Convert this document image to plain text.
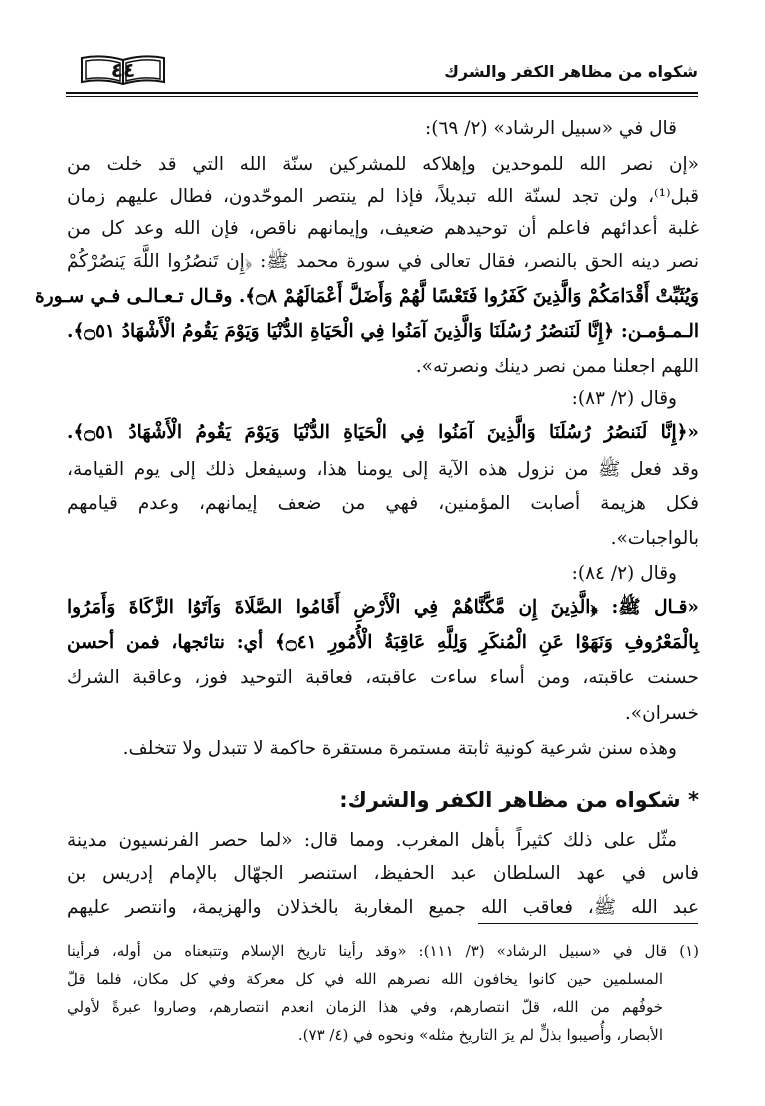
شكواه من مظاهر الكفر والشرك
٤٤
قال في «سبيل الرشاد» (٢/ ٦٩):
«إن نصر الله للموحدين وإهلاكه للمشركين سنّة الله التي قد خلت من
قبل⁽¹⁾، ولن تجد لسنّة الله تبديلاً، فإذا لم ينتصر الموحّدون، فطال عليهم زمان
غلبة أعدائهم فاعلم أن توحيدهم ضعيف، وإيمانهم ناقص، فإن الله وعد كل من
نصر دينه الحق بالنصر، فقال تعالى في سورة محمد ﷺ: ﴿إِن تَنصُرُوا اللَّهَ يَنصُرْكُمْ
وَيُثَبِّتْ أَقْدَامَكُمْ وَالَّذِينَ كَفَرُوا فَتَعْسًا لَّهُمْ وَأَضَلَّ أَعْمَالَهُمْ ۝٨﴾. وقـال تـعـالـى فـي سـورة
الـمـؤمـن: ﴿إِنَّا لَنَنصُرُ رُسُلَنَا وَالَّذِينَ آمَنُوا فِي الْحَيَاةِ الدُّنْيَا وَيَوْمَ يَقُومُ الْأَشْهَادُ ۝٥١﴾.
اللهم اجعلنا ممن نصر دينك ونصرته».
وقال (٢/ ٨٣):
«﴿إِنَّا لَنَنصُرُ رُسُلَنَا وَالَّذِينَ آمَنُوا فِي الْحَيَاةِ الدُّنْيَا وَيَوْمَ يَقُومُ الْأَشْهَادُ ۝٥١﴾.
وقد فعل ﷺ من نزول هذه الآية إلى يومنا هذا، وسيفعل ذلك إلى يوم القيامة،
فكل هزيمة أصابت المؤمنين، فهي من ضعف إيمانهم، وعدم قيامهم
بالواجبات».
وقال (٢/ ٨٤):
«قـال ﷺ: ﴿الَّذِينَ إِن مَّكَّنَّاهُمْ فِي الْأَرْضِ أَقَامُوا الصَّلَاةَ وَآتَوُا الزَّكَاةَ وَأَمَرُوا
بِالْمَعْرُوفِ وَنَهَوْا عَنِ الْمُنكَرِ وَلِلَّهِ عَاقِبَةُ الْأُمُورِ ۝٤١﴾ أي: نتائجها، فمن أحسن
حسنت عاقبته، ومن أساء ساءت عاقبته، فعاقبة التوحيد فوز، وعاقبة الشرك
خسران».
وهذه سنن شرعية كونية ثابتة مستمرة مستقرة حاكمة لا تتبدل ولا تتخلف.
* شكواه من مظاهر الكفر والشرك:
مثّل على ذلك كثيراً بأهل المغرب. ومما قال: «لما حصر الفرنسيون مدينة
فاس في عهد السلطان عبد الحفيظ، استنصر الجهّال بالإمام إدريس بن
عبد الله ﷺ، فعاقب الله جميع المغاربة بالخذلان والهزيمة، وانتصر عليهم
(١) قال في «سبيل الرشاد» (٣/ ١١١): «وقد رأينا تاريخ الإسلام وتتبعناه من أوله، فرأينا
المسلمين حين كانوا يخافون الله نصرهم الله في كل معركة وفي كل مكان، فلما قلّ
خوفُهم من الله، قلّ انتصارهم، وفي هذا الزمان انعدم انتصارهم، وصاروا عبرةً لأولي
الأبصار، وأُصيبوا بذلٍّ لم يرَ التاريخ مثله» ونحوه في (٤/ ٧٣).
